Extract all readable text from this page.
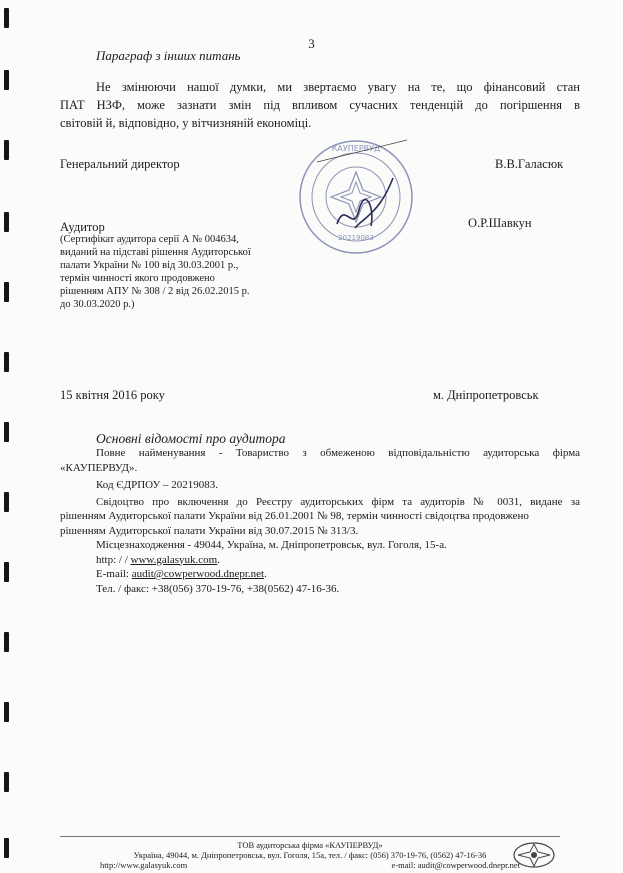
3
Параграф з інших питань
Не змінюючи нашої думки, ми звертаємо увагу на те, що фінансовий стан
ПАТ НЗФ, може зазнати змін під впливом сучасних тенденцій до погіршення в
світовій й, відповідно, у вітчизняній економіці.
Генеральний директор	В.В.Галасюк
Аудитор	О.Р.Шавкун
(Сертифікат аудитора серії А № 004634,
виданий на підставі рішення Аудиторської
палати України № 100 від 30.03.2001 р.,
термін чинності якого продовжено
рішенням АПУ № 308 / 2 від 26.02.2015 р.
до 30.03.2020 р.)
КАУПЕРВУД
20219083
15 квітня 2016 року	м. Дніпропетровськ
Основні відомості про аудитора
Повне найменування - Товариство з обмеженою відповідальністю аудиторська фірма
«КАУПЕРВУД».
Код ЄДРПОУ – 20219083.
Свідоцтво про включення до Реєстру аудиторських фірм та аудиторів № 0031, видане за
рішенням Аудиторської палати України від 26.01.2001 № 98, термін чинності свідоцтва продовжено
рішенням Аудиторської палати України від 30.07.2015 № 313/3.
Місцезнаходження - 49044, Україна, м. Дніпропетровськ, вул. Гоголя, 15-а.
http: / / www.galasyuk.com.
E-mail: audit@cowperwood.dnepr.net.
Тел. / факс: +38(056) 370-19-76, +38(0562) 47-16-36.
ТОВ аудиторська фірма «КАУПЕРВУД»
Україна, 49044, м. Дніпропетровськ, вул. Гоголя, 15а, тел. / факс: (056) 370-19-76, (0562) 47-16-36
http://www.galasyuk.com	e-mail: audit@cowperwood.dnepr.net
